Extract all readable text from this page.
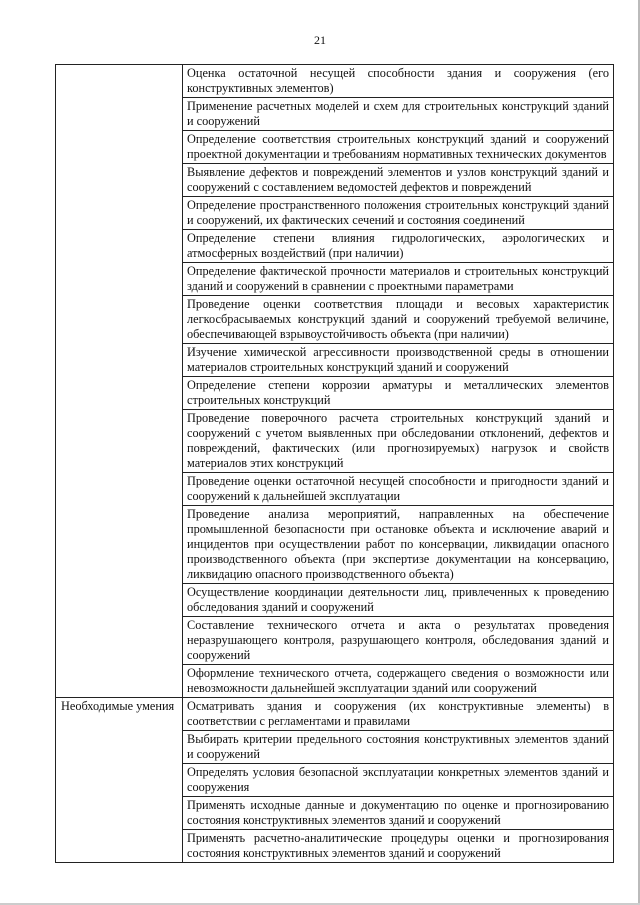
21
	Оценка остаточной несущей способности здания и сооружения (его конструктивных элементов)
	Применение расчетных моделей и схем для строительных конструкций зданий и сооружений
	Определение соответствия строительных конструкций зданий и сооружений проектной документации и требованиям нормативных технических документов
	Выявление дефектов и повреждений элементов и узлов конструкций зданий и сооружений с составлением ведомостей дефектов и повреждений
	Определение пространственного положения строительных конструкций зданий и сооружений, их фактических сечений и состояния соединений
	Определение степени влияния гидрологических, аэрологических и атмосферных воздействий (при наличии)
	Определение фактической прочности материалов и строительных конструкций зданий и сооружений в сравнении с проектными параметрами
	Проведение оценки соответствия площади и весовых характеристик легкосбрасываемых конструкций зданий и сооружений требуемой величине, обеспечивающей взрывоустойчивость объекта (при наличии)
	Изучение химической агрессивности производственной среды в отношении материалов строительных конструкций зданий и сооружений
	Определение степени коррозии арматуры и металлических элементов строительных конструкций
	Проведение поверочного расчета строительных конструкций зданий и сооружений с учетом выявленных при обследовании отклонений, дефектов и повреждений, фактических (или прогнозируемых) нагрузок и свойств материалов этих конструкций
	Проведение оценки остаточной несущей способности и пригодности зданий и сооружений к дальнейшей эксплуатации
	Проведение анализа мероприятий, направленных на обеспечение промышленной безопасности при остановке объекта и исключение аварий и инцидентов при осуществлении работ по консервации, ликвидации опасного производственного объекта (при экспертизе документации на консервацию, ликвидацию опасного производственного объекта)
	Осуществление координации деятельности лиц, привлеченных к проведению обследования зданий и сооружений
	Составление технического отчета и акта о результатах проведения неразрушающего контроля, разрушающего контроля, обследования зданий и сооружений
	Оформление технического отчета, содержащего сведения о возможности или невозможности дальнейшей эксплуатации зданий или сооружений
Необходимые умения	Осматривать здания и сооружения (их конструктивные элементы) в соответствии с регламентами и правилами
	Выбирать критерии предельного состояния конструктивных элементов зданий и сооружений
	Определять условия безопасной эксплуатации конкретных элементов зданий и сооружения
	Применять исходные данные и документацию по оценке и прогнозированию состояния конструктивных элементов зданий и сооружений
	Применять расчетно-аналитические процедуры оценки и прогнозирования состояния конструктивных элементов зданий и сооружений
